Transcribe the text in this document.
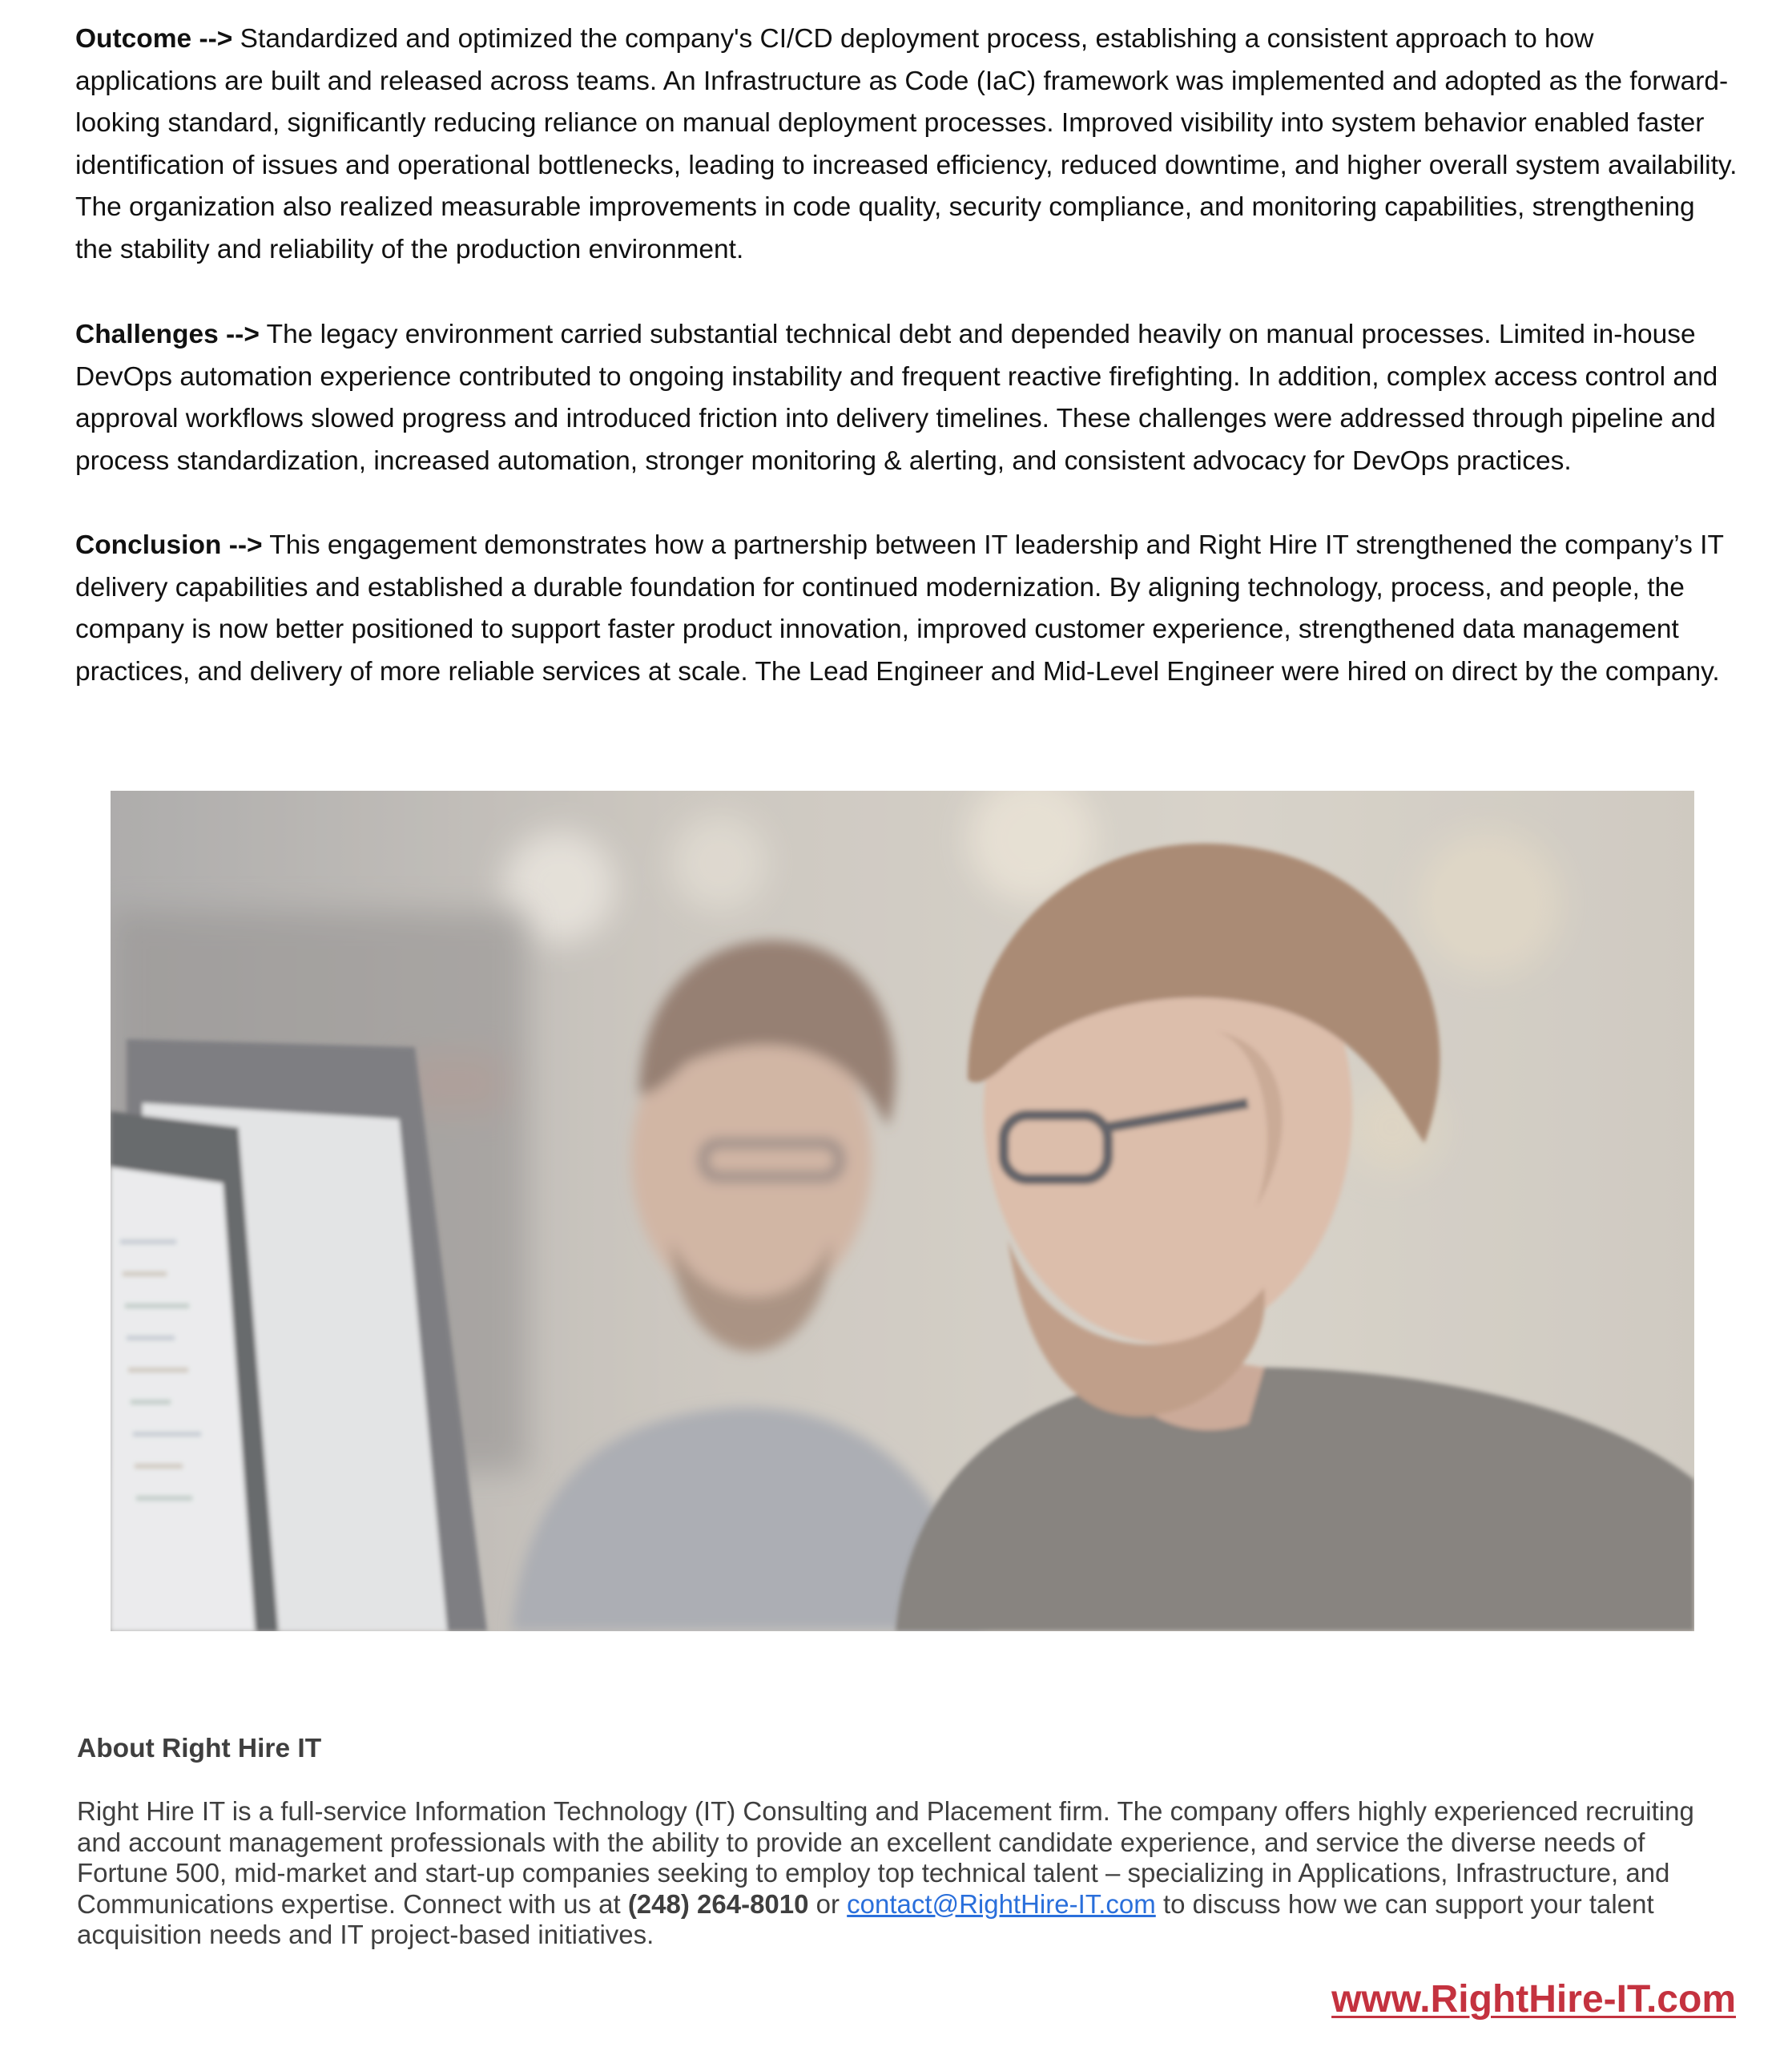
Outcome --> Standardized and optimized the company's CI/CD deployment process, establishing a consistent approach to how applications are built and released across teams. An Infrastructure as Code (IaC) framework was implemented and adopted as the forward-looking standard, significantly reducing reliance on manual deployment processes. Improved visibility into system behavior enabled faster identification of issues and operational bottlenecks, leading to increased efficiency, reduced downtime, and higher overall system availability. The organization also realized measurable improvements in code quality, security compliance, and monitoring capabilities, strengthening the stability and reliability of the production environment.

Challenges --> The legacy environment carried substantial technical debt and depended heavily on manual processes. Limited in-house DevOps automation experience contributed to ongoing instability and frequent reactive firefighting. In addition, complex access control and approval workflows slowed progress and introduced friction into delivery timelines. These challenges were addressed through pipeline and process standardization, increased automation, stronger monitoring & alerting, and consistent advocacy for DevOps practices.

Conclusion --> This engagement demonstrates how a partnership between IT leadership and Right Hire IT strengthened the company’s IT delivery capabilities and established a durable foundation for continued modernization. By aligning technology, process, and people, the company is now better positioned to support faster product innovation, improved customer experience, strengthened data management practices, and delivery of more reliable services at scale. The Lead Engineer and Mid-Level Engineer were hired on direct by the company.

About Right Hire IT

Right Hire IT is a full-service Information Technology (IT) Consulting and Placement firm. The company offers highly experienced recruiting and account management professionals with the ability to provide an excellent candidate experience, and service the diverse needs of Fortune 500, mid-market and start-up companies seeking to employ top technical talent – specializing in Applications, Infrastructure, and Communications expertise. Connect with us at (248) 264-8010 or contact@RightHire-IT.com to discuss how we can support your talent acquisition needs and IT project-based initiatives.

www.RightHire-IT.com
